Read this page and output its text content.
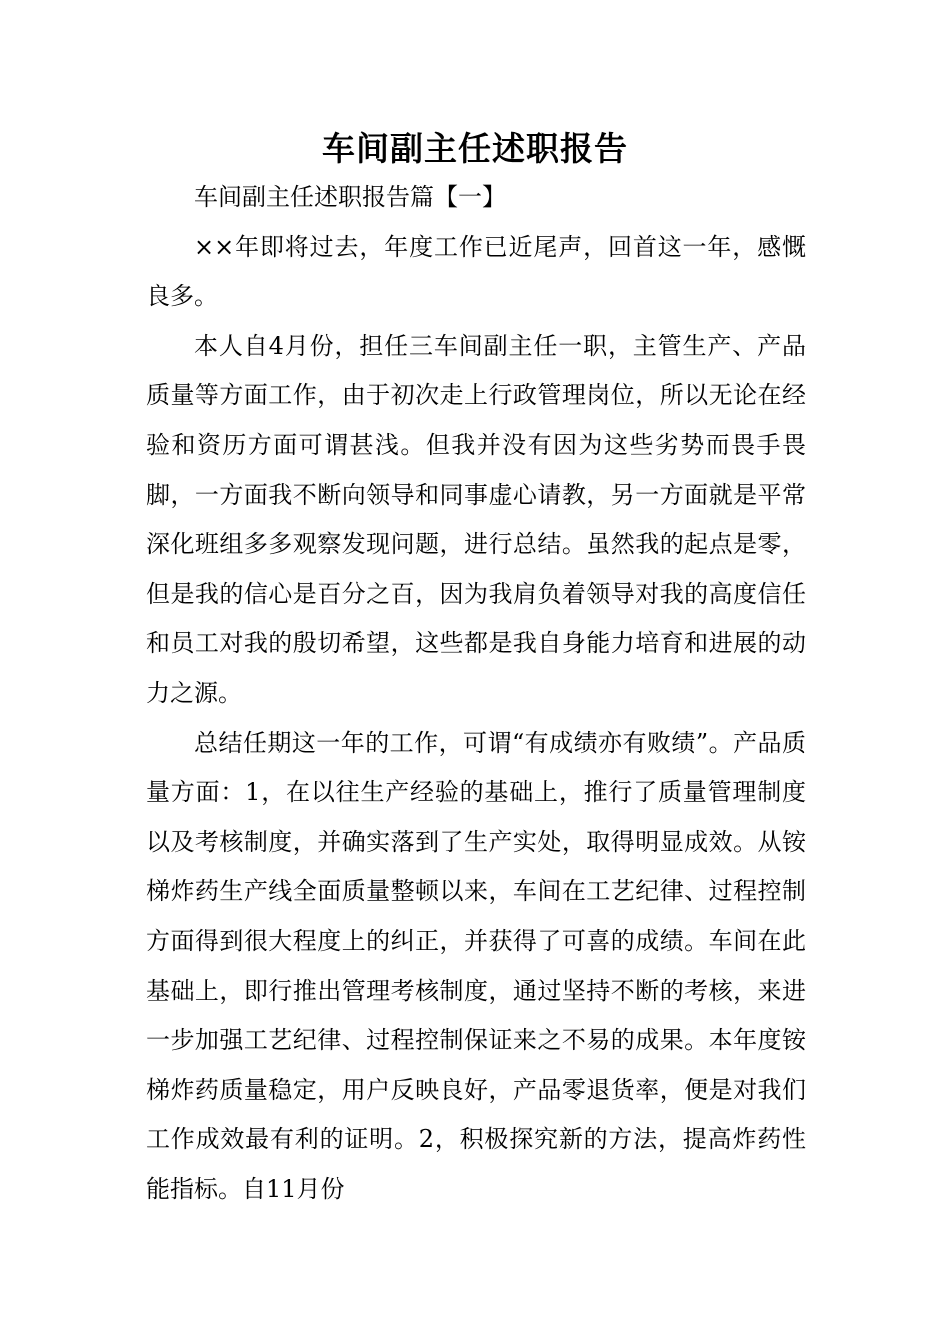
车间副主任述职报告

车间副主任述职报告篇【一】

××年即将过去，年度工作已近尾声，回首这一年，感慨良多。

本人自4月份，担任三车间副主任一职，主管生产、产品质量等方面工作，由于初次走上行政管理岗位，所以无论在经验和资历方面可谓甚浅。但我并没有因为这些劣势而畏手畏脚，一方面我不断向领导和同事虚心请教，另一方面就是平常深化班组多多观察发现问题，进行总结。虽然我的起点是零，但是我的信心是百分之百，因为我肩负着领导对我的高度信任和员工对我的殷切希望，这些都是我自身能力培育和进展的动力之源。

总结任期这一年的工作，可谓“有成绩亦有败绩”。产品质量方面：1，在以往生产经验的基础上，推行了质量管理制度以及考核制度，并确实落到了生产实处，取得明显成效。从铵梯炸药生产线全面质量整顿以来，车间在工艺纪律、过程控制方面得到很大程度上的纠正，并获得了可喜的成绩。车间在此基础上，即行推出管理考核制度，通过坚持不断的考核，来进一步加强工艺纪律、过程控制保证来之不易的成果。本年度铵梯炸药质量稳定，用户反映良好，产品零退货率，便是对我们工作成效最有利的证明。2，积极探究新的方法，提高炸药性能指标。自11月份
